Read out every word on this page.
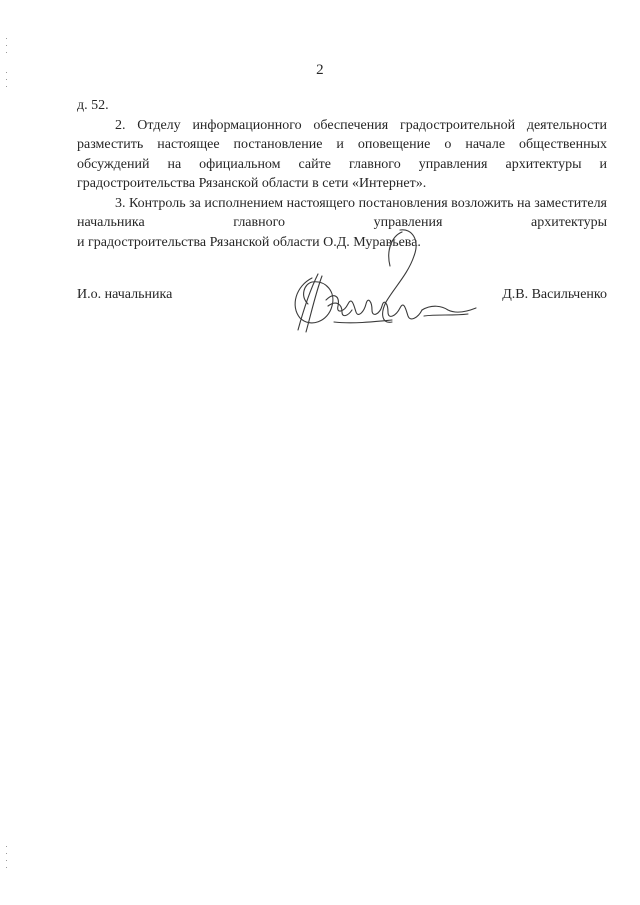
2

д. 52.

2. Отделу информационного обеспечения градостроительной деятельности разместить настоящее постановление и оповещение о начале общественных обсуждений на официальном сайте главного управления архитектуры и градостроительства Рязанской области в сети «Интернет».

3. Контроль за исполнением настоящего постановления возложить на заместителя начальника главного управления архитектуры

и градостроительства Рязанской области О.Д. Муравьева.

И.о. начальника	Д.В. Васильченко
